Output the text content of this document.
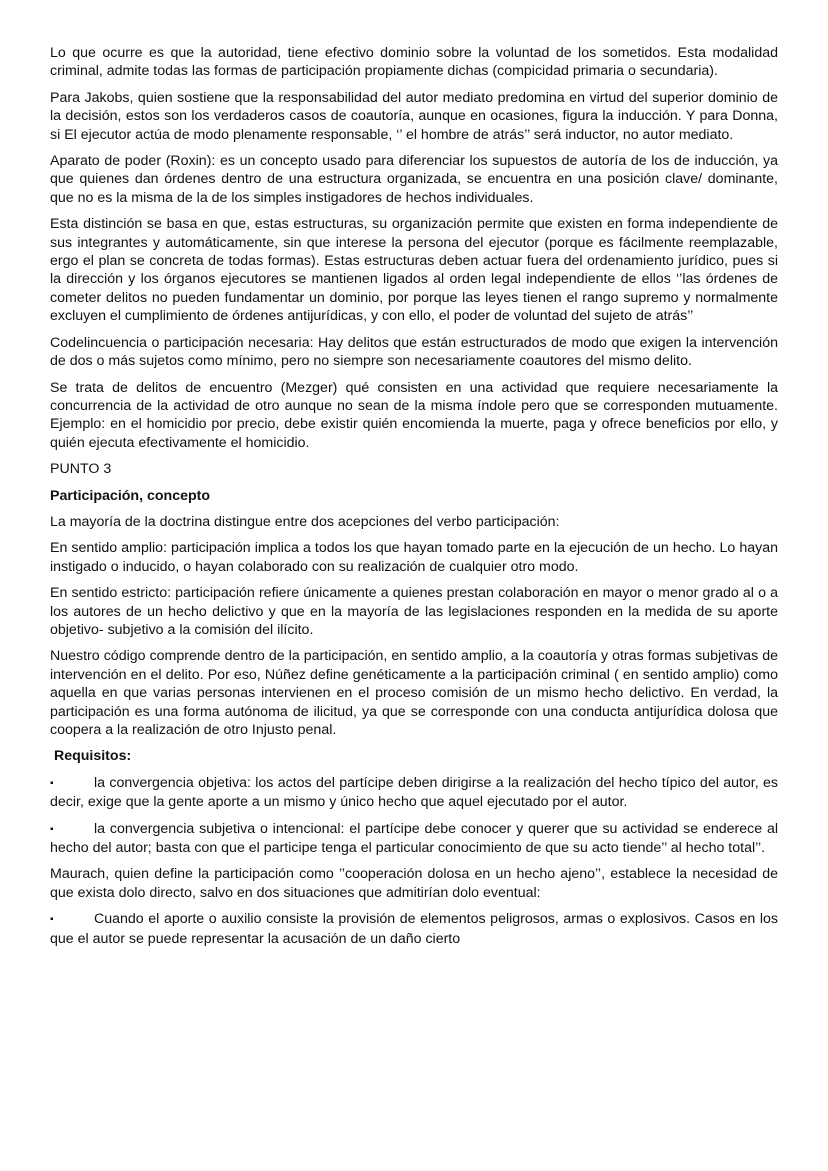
Lo que ocurre es que la autoridad, tiene efectivo dominio sobre la voluntad de los sometidos. Esta modalidad criminal, admite todas las formas de participación propiamente dichas (compicidad primaria o secundaria).

Para Jakobs, quien sostiene que la responsabilidad del autor mediato predomina en virtud del superior dominio de la decisión, estos son los verdaderos casos de coautoría, aunque en ocasiones, figura la inducción. Y para Donna, si El ejecutor actúa de modo plenamente responsable, ‘’ el hombre de atrás’’ será inductor, no autor mediato.

Aparato de poder (Roxin): es un concepto usado para diferenciar los supuestos de autoría de los de inducción, ya que quienes dan órdenes dentro de una estructura organizada, se encuentra en una posición clave/ dominante, que no es la misma de la de los simples instigadores de hechos individuales.

Esta distinción se basa en que, estas estructuras, su organización permite que existen en forma independiente de sus integrantes y automáticamente, sin que interese la persona del ejecutor (porque es fácilmente reemplazable, ergo el plan se concreta de todas formas). Estas estructuras deben actuar fuera del ordenamiento jurídico, pues si la dirección y los órganos ejecutores se mantienen ligados al orden legal independiente de ellos ‘’las órdenes de cometer delitos no pueden fundamentar un dominio, por porque las leyes tienen el rango supremo y normalmente excluyen el cumplimiento de órdenes antijurídicas, y con ello, el poder de voluntad del sujeto de atrás’’

Codelincuencia o participación necesaria: Hay delitos que están estructurados de modo que exigen la intervención de dos o más sujetos como mínimo, pero no siempre son necesariamente coautores del mismo delito.

Se trata de delitos de encuentro (Mezger) qué consisten en una actividad que requiere necesariamente la concurrencia de la actividad de otro aunque no sean de la misma índole pero que se corresponden mutuamente. Ejemplo: en el homicidio por precio, debe existir quién encomienda la muerte, paga y ofrece beneficios por ello, y quién ejecuta efectivamente el homicidio.

PUNTO 3

Participación, concepto

La mayoría de la doctrina distingue entre dos acepciones del verbo participación:

En sentido amplio: participación implica a todos los que hayan tomado parte en la ejecución de un hecho. Lo hayan instigado o inducido, o hayan colaborado con su realización de cualquier otro modo.

En sentido estricto: participación refiere únicamente a quienes prestan colaboración en mayor o menor grado al o a los autores de un hecho delictivo y que en la mayoría de las legislaciones responden en la medida de su aporte objetivo- subjetivo a la comisión del ilícito.

Nuestro código comprende dentro de la participación, en sentido amplio, a la coautoría y otras formas subjetivas de intervención en el delito. Por eso, Núñez define genéticamente a la participación criminal ( en sentido amplio) como aquella en que varias personas intervienen en el proceso comisión de un mismo hecho delictivo. En verdad, la participación es una forma autónoma de ilicitud, ya que se corresponde con una conducta antijurídica dolosa que coopera a la realización de otro Injusto penal.

Requisitos:

▪	la convergencia objetiva: los actos del partícipe deben dirigirse a la realización del hecho típico del autor, es decir, exige que la gente aporte a un mismo y único hecho que aquel ejecutado por el autor.

▪	la convergencia subjetiva o intencional: el partícipe debe conocer y querer que su actividad se enderece al hecho del autor; basta con que el participe tenga el particular conocimiento de que su acto tiende’’ al hecho total’’.

Maurach, quien define la participación como ’’cooperación dolosa en un hecho ajeno’’, establece la necesidad de que exista dolo directo, salvo en dos situaciones que admitirían dolo eventual:

▪	Cuando el aporte o auxilio consiste la provisión de elementos peligrosos, armas o explosivos. Casos en los que el autor se puede representar la acusación de un daño cierto
